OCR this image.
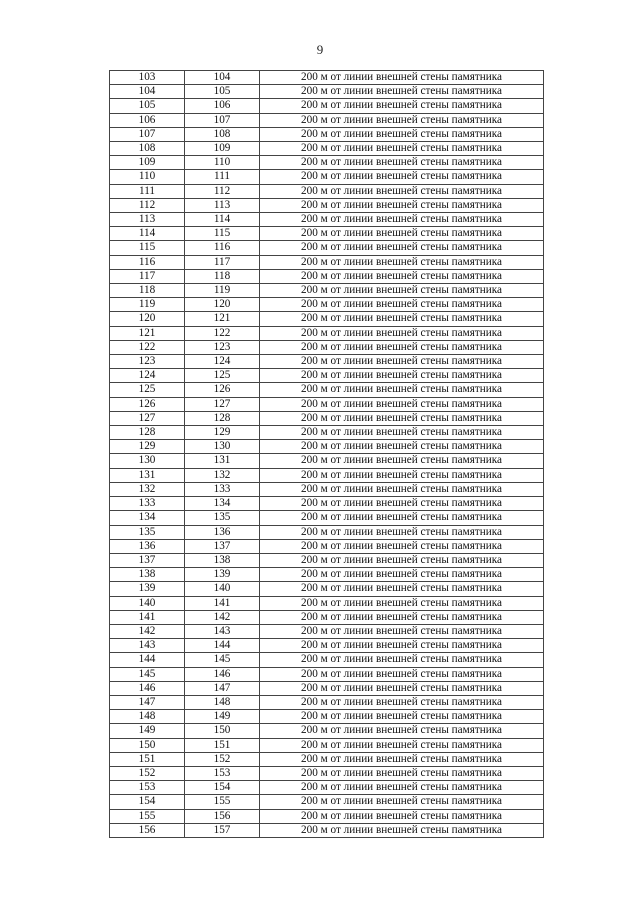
9
103	104	200 м от линии внешней стены памятника
104	105	200 м от линии внешней стены памятника
105	106	200 м от линии внешней стены памятника
106	107	200 м от линии внешней стены памятника
107	108	200 м от линии внешней стены памятника
108	109	200 м от линии внешней стены памятника
109	110	200 м от линии внешней стены памятника
110	111	200 м от линии внешней стены памятника
111	112	200 м от линии внешней стены памятника
112	113	200 м от линии внешней стены памятника
113	114	200 м от линии внешней стены памятника
114	115	200 м от линии внешней стены памятника
115	116	200 м от линии внешней стены памятника
116	117	200 м от линии внешней стены памятника
117	118	200 м от линии внешней стены памятника
118	119	200 м от линии внешней стены памятника
119	120	200 м от линии внешней стены памятника
120	121	200 м от линии внешней стены памятника
121	122	200 м от линии внешней стены памятника
122	123	200 м от линии внешней стены памятника
123	124	200 м от линии внешней стены памятника
124	125	200 м от линии внешней стены памятника
125	126	200 м от линии внешней стены памятника
126	127	200 м от линии внешней стены памятника
127	128	200 м от линии внешней стены памятника
128	129	200 м от линии внешней стены памятника
129	130	200 м от линии внешней стены памятника
130	131	200 м от линии внешней стены памятника
131	132	200 м от линии внешней стены памятника
132	133	200 м от линии внешней стены памятника
133	134	200 м от линии внешней стены памятника
134	135	200 м от линии внешней стены памятника
135	136	200 м от линии внешней стены памятника
136	137	200 м от линии внешней стены памятника
137	138	200 м от линии внешней стены памятника
138	139	200 м от линии внешней стены памятника
139	140	200 м от линии внешней стены памятника
140	141	200 м от линии внешней стены памятника
141	142	200 м от линии внешней стены памятника
142	143	200 м от линии внешней стены памятника
143	144	200 м от линии внешней стены памятника
144	145	200 м от линии внешней стены памятника
145	146	200 м от линии внешней стены памятника
146	147	200 м от линии внешней стены памятника
147	148	200 м от линии внешней стены памятника
148	149	200 м от линии внешней стены памятника
149	150	200 м от линии внешней стены памятника
150	151	200 м от линии внешней стены памятника
151	152	200 м от линии внешней стены памятника
152	153	200 м от линии внешней стены памятника
153	154	200 м от линии внешней стены памятника
154	155	200 м от линии внешней стены памятника
155	156	200 м от линии внешней стены памятника
156	157	200 м от линии внешней стены памятника
